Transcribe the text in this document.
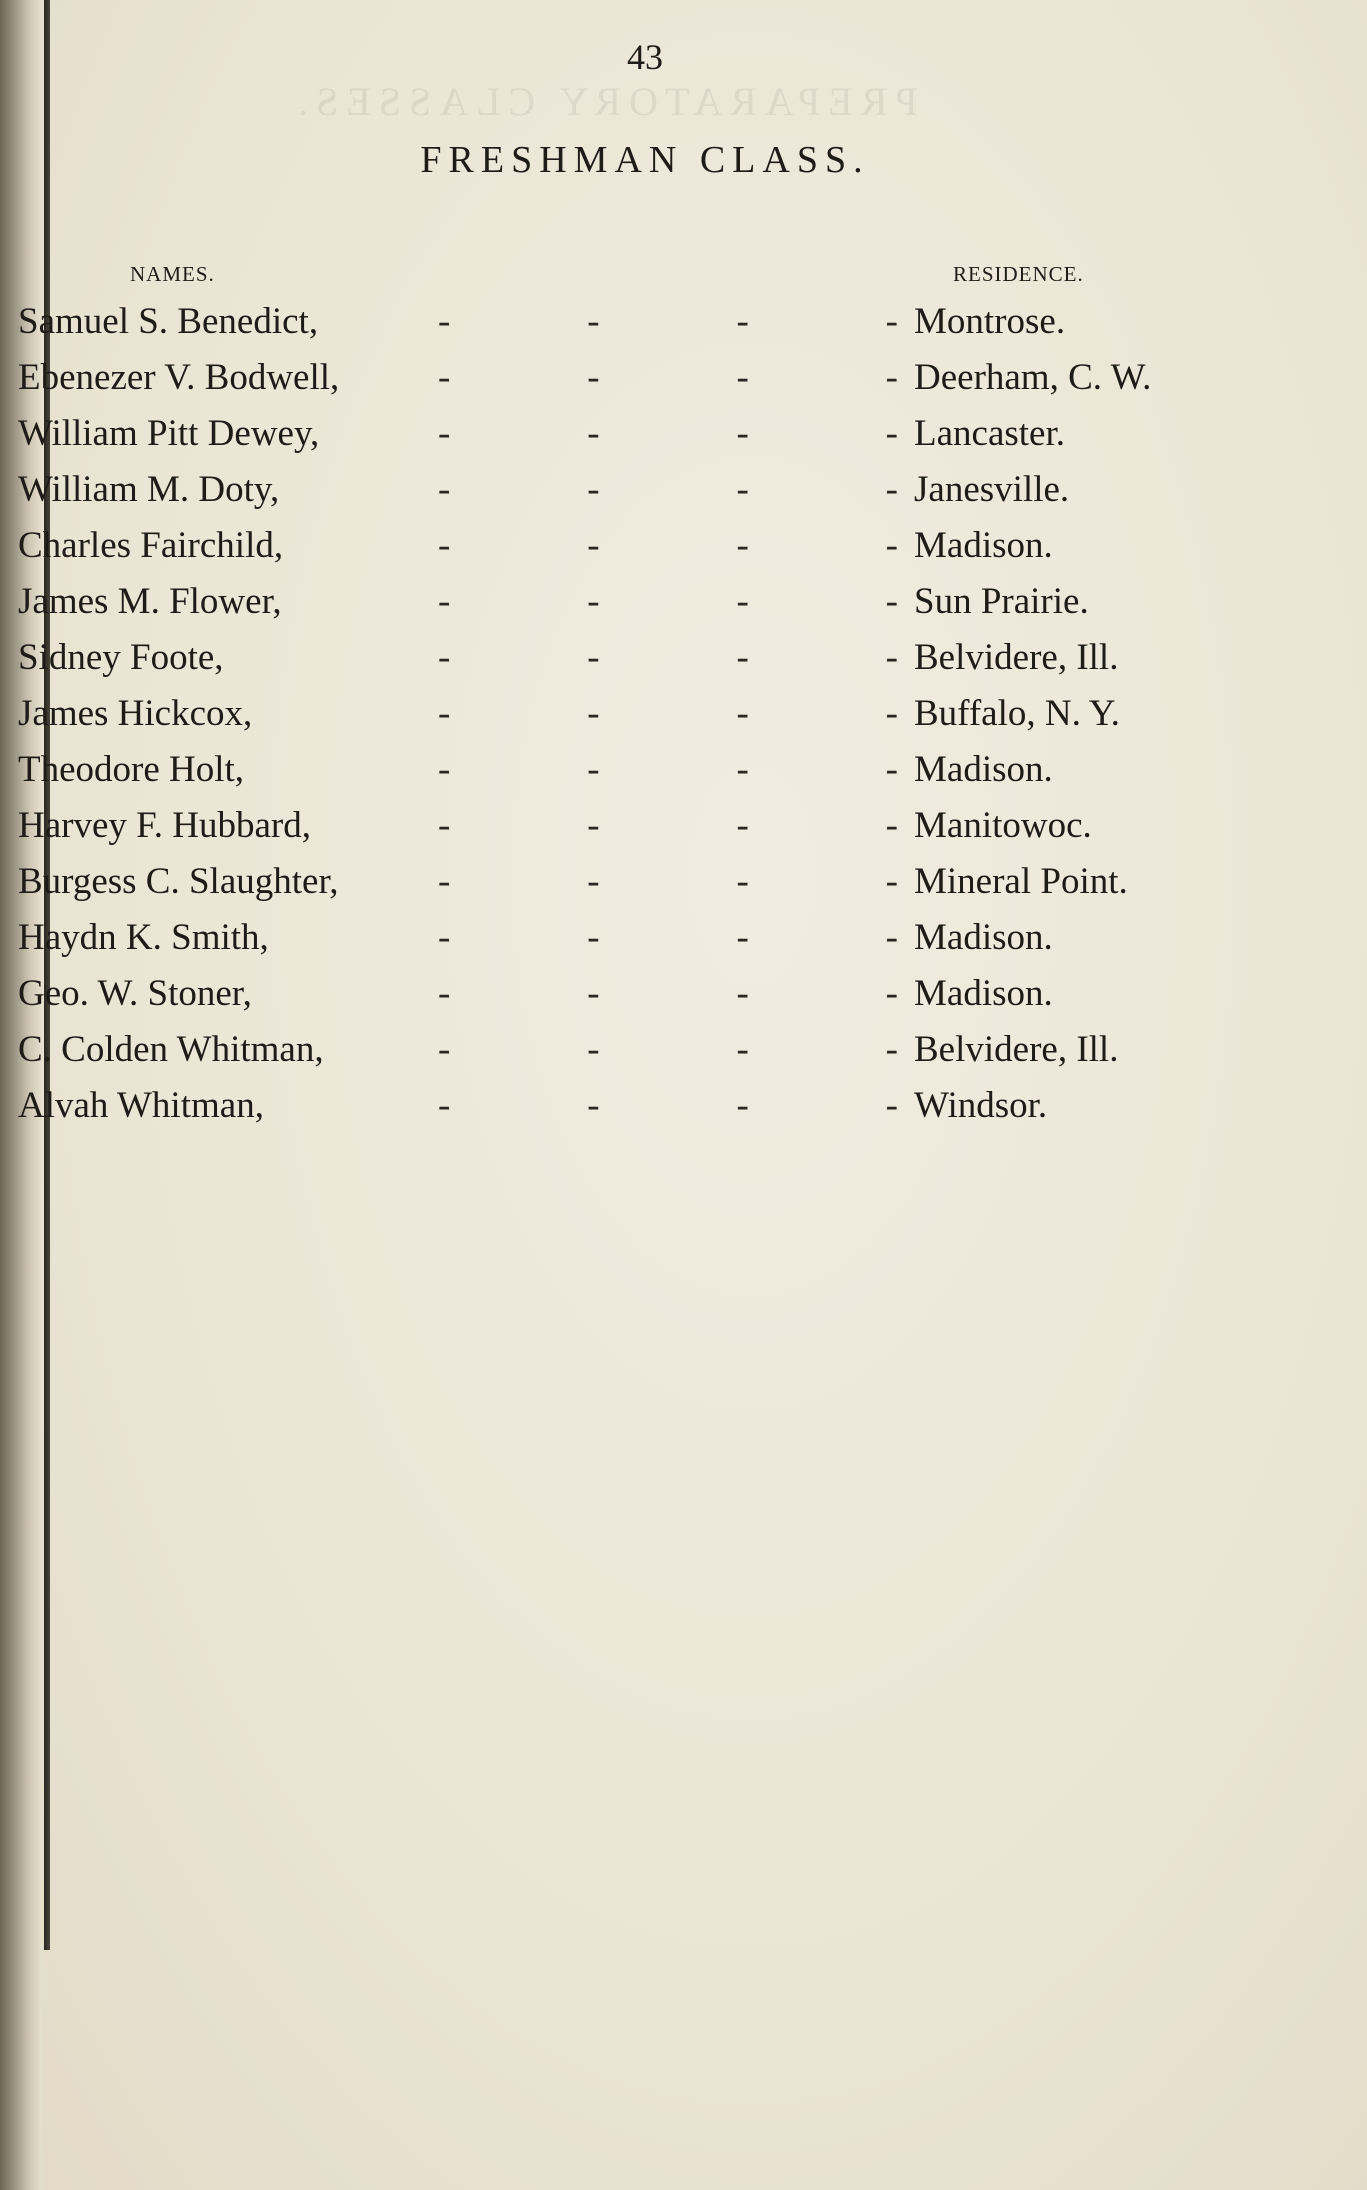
PREPARATORY CLASSES.
43
FRESHMAN CLASS.
NAMES.	RESIDENCE.
Samuel S. Benedict,	-	-	-	- Montrose.
Ebenezer V. Bodwell,	-	-	-	- Deerham, C. W.
William Pitt Dewey,	-	-	-	- Lancaster.
William M. Doty,	-	-	-	- Janesville.
Charles Fairchild,	-	-	-	- Madison.
James M. Flower,	-	-	-	- Sun Prairie.
Sidney Foote,	-	-	-	- Belvidere, Ill.
James Hickcox,	-	-	-	- Buffalo, N. Y.
Theodore Holt,	-	-	-	- Madison.
Harvey F. Hubbard,	-	-	-	- Manitowoc.
Burgess C. Slaughter,	-	-	-	- Mineral Point.
Haydn K. Smith,	-	-	-	- Madison.
Geo. W. Stoner,	-	-	-	- Madison.
C. Colden Whitman,	-	-	-	- Belvidere, Ill.
Alvah Whitman,	-	-	-	- Windsor.
